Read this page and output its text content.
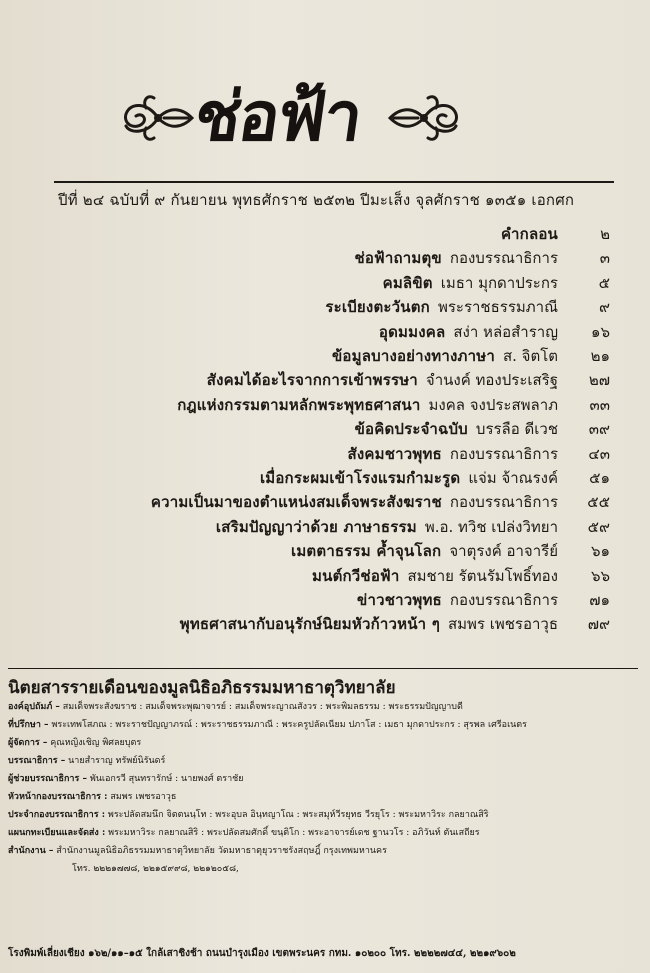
ช่อฟ้า
ปีที่ ๒๔ ฉบับที่ ๙ กันยายน พุทธศักราช ๒๕๓๒ ปีมะเส็ง จุลศักราช ๑๓๕๑ เอกศก
คำกลอน	๒
ช่อฟ้าถามตุข กองบรรณาธิการ	๓
คมลิขิต เมธา มุกดาประกร	๕
ระเบียงตะวันตก พระราชธรรมภาณี	๙
อุดมมงคล สง่า หล่อสำราญ	๑๖
ข้อมูลบางอย่างทางภาษา ส. จิตโต	๒๑
สังคมได้อะไรจากการเข้าพรรษา จำนงค์ ทองประเสริฐ	๒๗
กฎแห่งกรรมตามหลักพระพุทธศาสนา มงคล จงประสพลาภ	๓๓
ข้อคิดประจำฉบับ บรรลือ ดีเวช	๓๙
สังคมชาวพุทธ กองบรรณาธิการ	๔๓
เมื่อกระผมเข้าโรงแรมกำมะรูด แจ่ม จ้าณรงค์	๕๑
ความเป็นมาของตำแหน่งสมเด็จพระสังฆราช กองบรรณาธิการ	๕๕
เสริมปัญญาว่าด้วย ภาษาธรรม พ.อ. ทวิช เปล่งวิทยา	๕๙
เมตตาธรรม ค้ำจุนโลก จาตุรงค์ อาจารีย์	๖๑
มนต์กวีช่อฟ้า สมชาย รัตนรัมโพธิ์ทอง	๖๖
ข่าวชาวพุทธ กองบรรณาธิการ	๗๑
พุทธศาสนากับอนุรักษ์นิยมหัวก้าวหน้า ๆ สมพร เพชรอาวุธ	๗๙
นิตยสารรายเดือนของมูลนิธิอภิธรรมมหาธาตุวิทยาลัย
องค์อุปถัมภ์ – สมเด็จพระสังฆราช : สมเด็จพระพุฒาจารย์ : สมเด็จพระญาณสังวร : พระพิมลธรรม : พระธรรมปัญญาบดี
ที่ปรึกษา – พระเทพโสภณ : พระราชปัญญาภรณ์ : พระราชธรรมภาณี : พระครูปลัดเนียม ปภาโส : เมธา มุกดาประกร : สุรพล เศรีอเนตร
ผู้จัดการ – คุณหญิงเชิญ พิศลยบุตร
บรรณาธิการ – นายสำราญ ทรัพย์นิรันดร์
ผู้ช่วยบรรณาธิการ – พันเอกรวี สุนทรารักษ์ : นายพงศ์ ตราชัย
หัวหน้ากองบรรณาธิการ : สมพร เพชรอาวุธ
ประจำกองบรรณาธิการ : พระปลัดสมนึก จิตตนนฺโท : พระอุบล อินฺทญาโณ : พระสมุห์วีรยุทธ วีรยุโร : พระมหาวิระ กลยาณสิริ
แผนกทะเบียนและจัดส่ง : พระมหาวิระ กลยาณสิริ : พระปลัดสมศักดิ์ ขนฺติโก : พระอาจารย์เดช ฐานวโร : อภิวันท์ ตันเสถียร
สำนักงาน – สำนักงานมูลนิธิอภิธรรมมหาธาตุวิทยาลัย วัดมหาธาตุยุวราชรังสฤษฎิ์ กรุงเทพมหานคร
โทร. ๒๒๒๑๗๗๘, ๒๒๑๕๙๙๘, ๒๒๑๒๐๕๘,
โรงพิมพ์เลี่ยงเชียง ๑๖๒/๑๑–๑๕ ใกล้เสาชิงช้า ถนนบำรุงเมือง เขตพระนคร กทม. ๑๐๒๐๐ โทร. ๒๒๒๒๗๔๔, ๒๒๑๙๖๐๒
